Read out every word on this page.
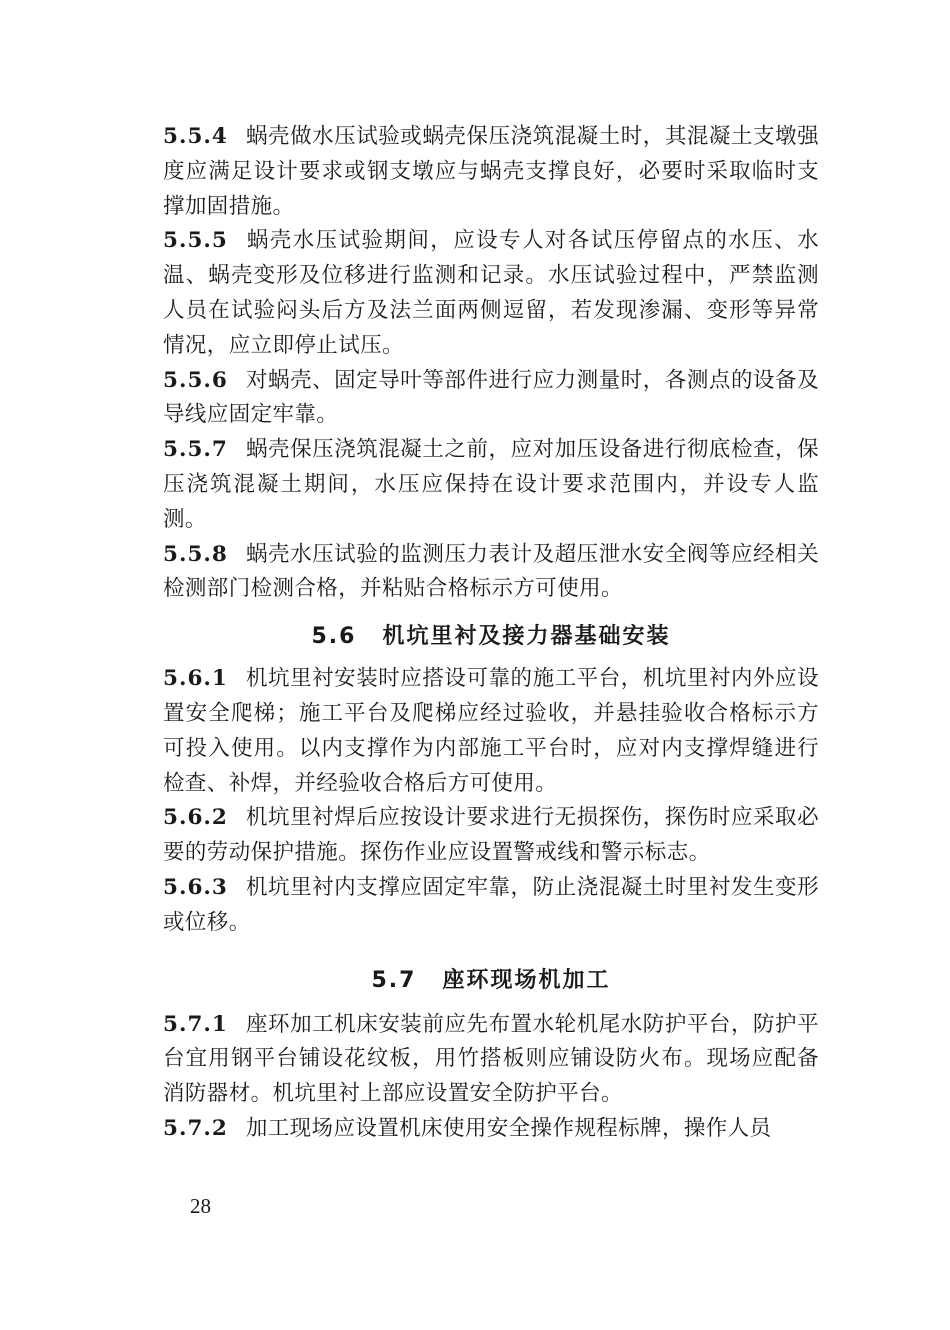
5.5.4 蜗壳做水压试验或蜗壳保压浇筑混凝土时，其混凝土支墩强度应满足设计要求或钢支墩应与蜗壳支撑良好，必要时采取临时支撑加固措施。

5.5.5 蜗壳水压试验期间，应设专人对各试压停留点的水压、水温、蜗壳变形及位移进行监测和记录。水压试验过程中，严禁监测人员在试验闷头后方及法兰面两侧逗留，若发现渗漏、变形等异常情况，应立即停止试压。

5.5.6 对蜗壳、固定导叶等部件进行应力测量时，各测点的设备及导线应固定牢靠。

5.5.7 蜗壳保压浇筑混凝土之前，应对加压设备进行彻底检查，保压浇筑混凝土期间，水压应保持在设计要求范围内，并设专人监测。

5.5.8 蜗壳水压试验的监测压力表计及超压泄水安全阀等应经相关检测部门检测合格，并粘贴合格标示方可使用。

5.6 机坑里衬及接力器基础安装

5.6.1 机坑里衬安装时应搭设可靠的施工平台，机坑里衬内外应设置安全爬梯；施工平台及爬梯应经过验收，并悬挂验收合格标示方可投入使用。以内支撑作为内部施工平台时，应对内支撑焊缝进行检查、补焊，并经验收合格后方可使用。

5.6.2 机坑里衬焊后应按设计要求进行无损探伤，探伤时应采取必要的劳动保护措施。探伤作业应设置警戒线和警示标志。

5.6.3 机坑里衬内支撑应固定牢靠，防止浇混凝土时里衬发生变形或位移。

5.7 座环现场机加工

5.7.1 座环加工机床安装前应先布置水轮机尾水防护平台，防护平台宜用钢平台铺设花纹板，用竹搭板则应铺设防火布。现场应配备消防器材。机坑里衬上部应设置安全防护平台。

5.7.2 加工现场应设置机床使用安全操作规程标牌，操作人员

28
